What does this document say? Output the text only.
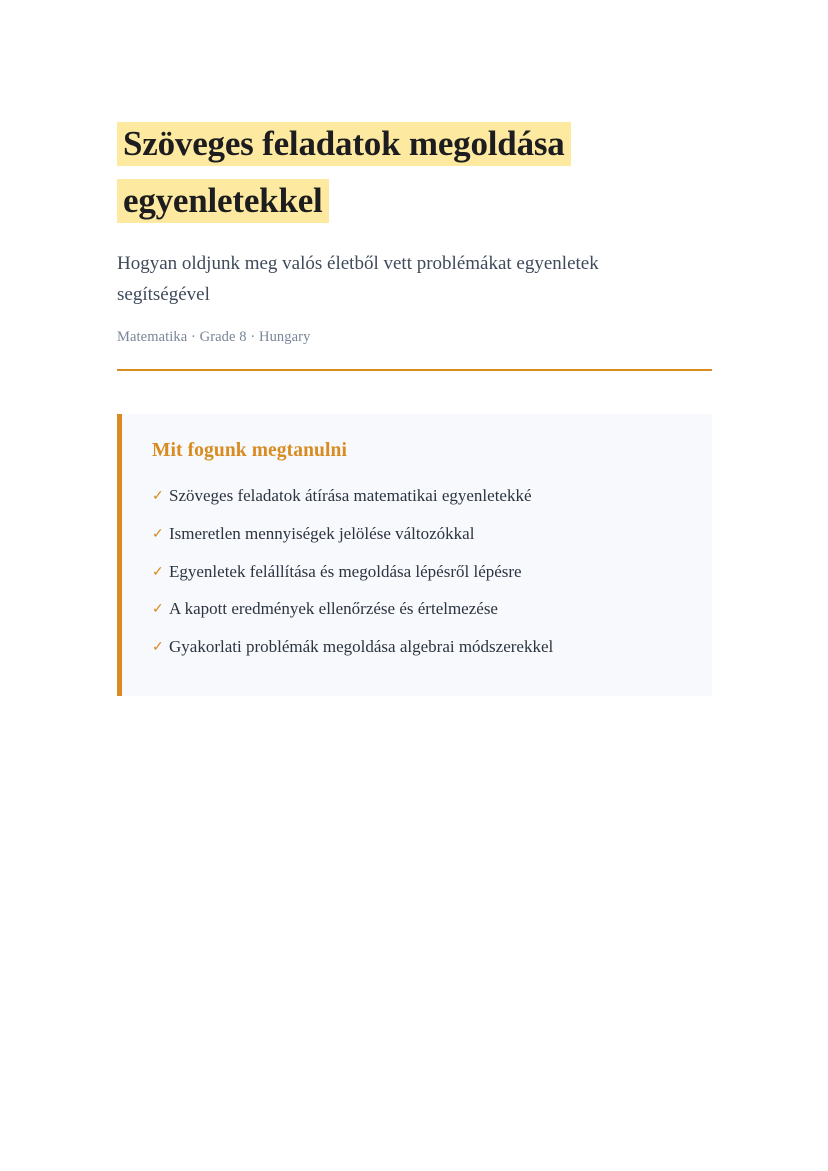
Szöveges feladatok megoldása egyenletekkel

Hogyan oldjunk meg valós életből vett problémákat egyenletek segítségével

Matematika · Grade 8 · Hungary

Mit fogunk megtanulni
✓ Szöveges feladatok átírása matematikai egyenletekké
✓ Ismeretlen mennyiségek jelölése változókkal
✓ Egyenletek felállítása és megoldása lépésről lépésre
✓ A kapott eredmények ellenőrzése és értelmezése
✓ Gyakorlati problémák megoldása algebrai módszerekkel
